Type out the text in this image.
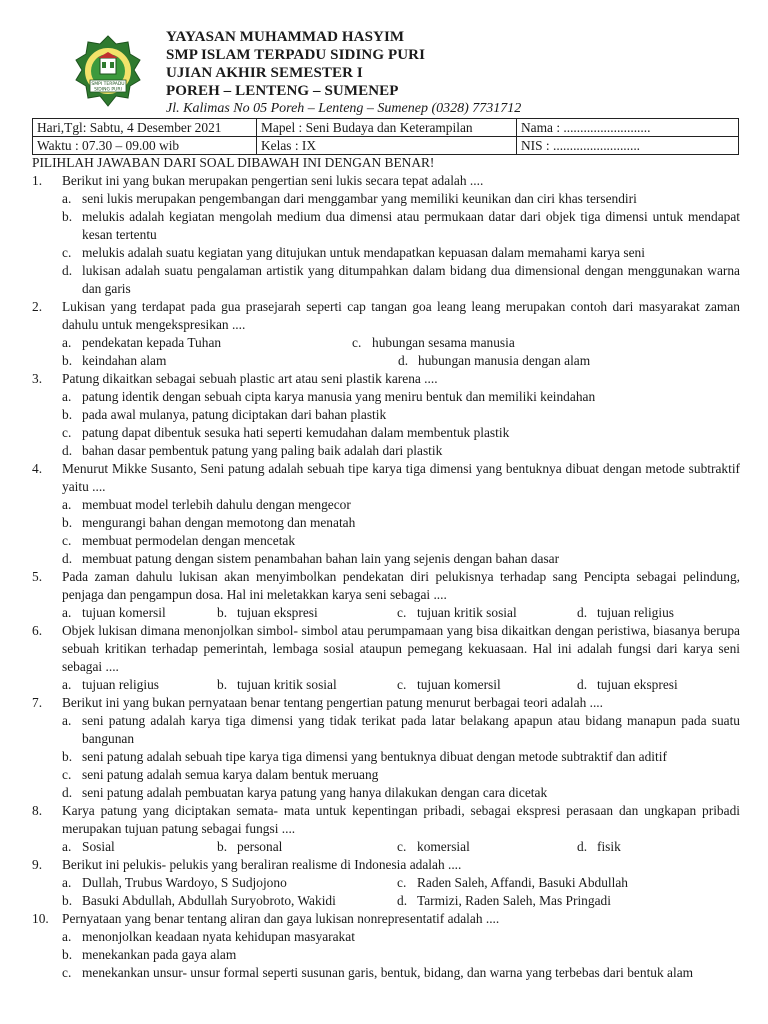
SMPI TERPADU
SIDING PURI
YAYASAN MUHAMMAD HASYIM
SMP ISLAM TERPADU SIDING PURI
UJIAN AKHIR SEMESTER I
POREH – LENTENG – SUMENEP
Jl. Kalimas No 05 Poreh – Lenteng – Sumenep (0328) 7731712
Hari,Tgl: Sabtu, 4 Desember 2021	Mapel : Seni Budaya dan Keterampilan	Nama : ..........................
Waktu : 07.30 – 09.00 wib	Kelas : IX	NIS : ..........................
PILIHLAH JAWABAN DARI SOAL DIBAWAH INI DENGAN BENAR!
1.	Berikut ini yang bukan merupakan pengertian seni lukis secara tepat adalah ....
a. seni lukis merupakan pengembangan dari menggambar yang memiliki keunikan dan ciri khas tersendiri
b. melukis adalah kegiatan mengolah medium dua dimensi atau permukaan datar dari objek tiga dimensi untuk mendapat kesan tertentu
c. melukis adalah suatu kegiatan yang ditujukan untuk mendapatkan kepuasan dalam memahami karya seni
d. lukisan adalah suatu pengalaman artistik yang ditumpahkan dalam bidang dua dimensional dengan menggunakan warna dan garis
2.	Lukisan yang terdapat pada gua prasejarah seperti cap tangan goa leang leang merupakan contoh dari masyarakat zaman dahulu untuk mengekspresikan ....
a. pendekatan kepada Tuhan	c. hubungan sesama manusia
b. keindahan alam	d. hubungan manusia dengan alam
3.	Patung dikaitkan sebagai sebuah plastic art atau seni plastik karena ....
a. patung identik dengan sebuah cipta karya manusia yang meniru bentuk dan memiliki keindahan
b. pada awal mulanya, patung diciptakan dari bahan plastik
c. patung dapat dibentuk sesuka hati seperti kemudahan dalam membentuk plastik
d. bahan dasar pembentuk patung yang paling baik adalah dari plastik
4.	Menurut Mikke Susanto, Seni patung adalah sebuah tipe karya tiga dimensi yang bentuknya dibuat dengan metode subtraktif yaitu ....
a. membuat model terlebih dahulu dengan mengecor
b. mengurangi bahan dengan memotong dan menatah
c. membuat permodelan dengan mencetak
d. membuat patung dengan sistem penambahan bahan lain yang sejenis dengan bahan dasar
5.	Pada zaman dahulu lukisan akan menyimbolkan pendekatan diri pelukisnya terhadap sang Pencipta sebagai pelindung, penjaga dan pengampun dosa. Hal ini meletakkan karya seni sebagai ....
a. tujuan komersil	b. tujuan ekspresi	c. tujuan kritik sosial	d. tujuan religius
6.	Objek lukisan dimana menonjolkan simbol- simbol atau perumpamaan yang bisa dikaitkan dengan peristiwa, biasanya berupa sebuah kritikan terhadap pemerintah, lembaga sosial ataupun pemegang kekuasaan. Hal ini adalah fungsi dari karya seni sebagai ....
a. tujuan religius	b. tujuan kritik sosial	c. tujuan komersil	d. tujuan ekspresi
7.	Berikut ini yang bukan pernyataan benar tentang pengertian patung menurut berbagai teori adalah ....
a. seni patung adalah karya tiga dimensi yang tidak terikat pada latar belakang apapun atau bidang manapun pada suatu bangunan
b. seni patung adalah sebuah tipe karya tiga dimensi yang bentuknya dibuat dengan metode subtraktif dan aditif
c. seni patung adalah semua karya dalam bentuk meruang
d. seni patung adalah pembuatan karya patung yang hanya dilakukan dengan cara dicetak
8.	Karya patung yang diciptakan semata- mata untuk kepentingan pribadi, sebagai ekspresi perasaan dan ungkapan pribadi merupakan tujuan patung sebagai fungsi ....
a. Sosial	b. personal	c. komersial	d. fisik
9.	Berikut ini pelukis- pelukis yang beraliran realisme di Indonesia adalah ....
a. Dullah, Trubus Wardoyo, S Sudjojono	c. Raden Saleh, Affandi, Basuki Abdullah
b. Basuki Abdullah, Abdullah Suryobroto, Wakidi	d. Tarmizi, Raden Saleh, Mas Pringadi
10. Pernyataan yang benar tentang aliran dan gaya lukisan nonrepresentatif adalah ....
a. menonjolkan keadaan nyata kehidupan masyarakat
b. menekankan pada gaya alam
c. menekankan unsur- unsur formal seperti susunan garis, bentuk, bidang, dan warna yang terbebas dari bentuk alam
